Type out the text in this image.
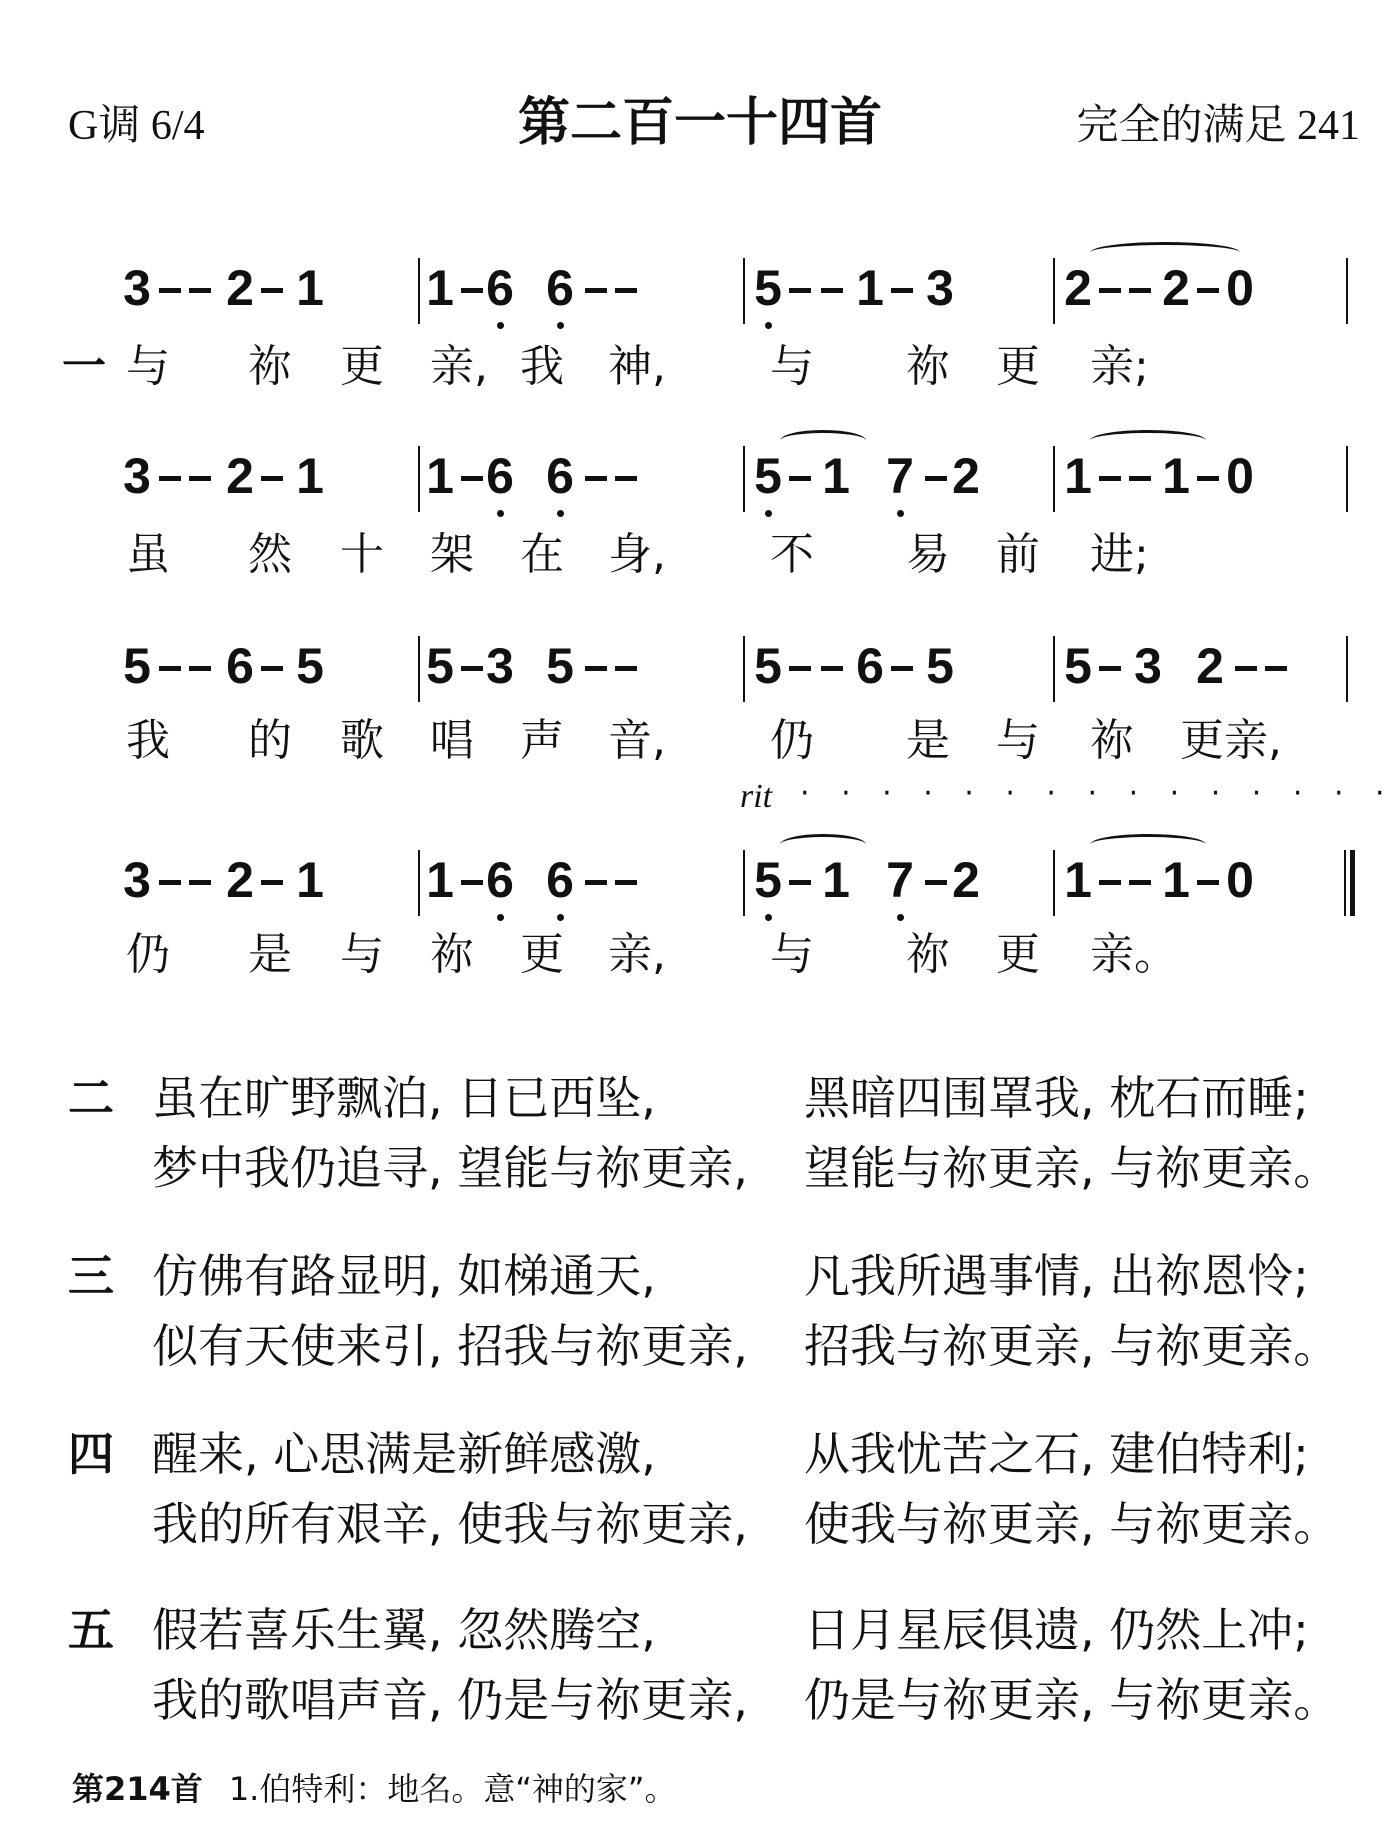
G调 6/4	第二百一十四首	完全的满足 241
3 2 1 1 6 6	5 1 3 2 2 0
一 与 祢 更 亲, 我 神, 与 祢 更 亲;
3 2 1 1 6 6	5 1 7 2 1 1 0
虽 然 十 架 在 身, 不 易 前 进;
5 6 5 5 3 5	5 6 5 5 3 2
我 的 歌 唱 声 音, 仍 是 与 祢 更亲,
3 2 1 1 6 6	5 1 7 2 1 1 0
仍 是 与 祢 更 亲, 与 祢 更 亲。
rit · · · · · · · · · · · · · · ·
二 虽在旷野飘泊, 日已西坠,	黑暗四围罩我, 枕石而睡;
梦中我仍追寻, 望能与祢更亲, 望能与祢更亲, 与祢更亲。
三 仿佛有路显明, 如梯通天,	凡我所遇事情, 出祢恩怜;
似有天使来引, 招我与祢更亲, 招我与祢更亲, 与祢更亲。
四 醒来, 心思满是新鲜感激,	从我忧苦之石, 建伯特利;
我的所有艰辛, 使我与祢更亲, 使我与祢更亲, 与祢更亲。
五 假若喜乐生翼, 忽然腾空,	日月星辰俱遗, 仍然上冲;
我的歌唱声音, 仍是与祢更亲, 仍是与祢更亲, 与祢更亲。
第214首 1.伯特利：地名。意“神的家”。
